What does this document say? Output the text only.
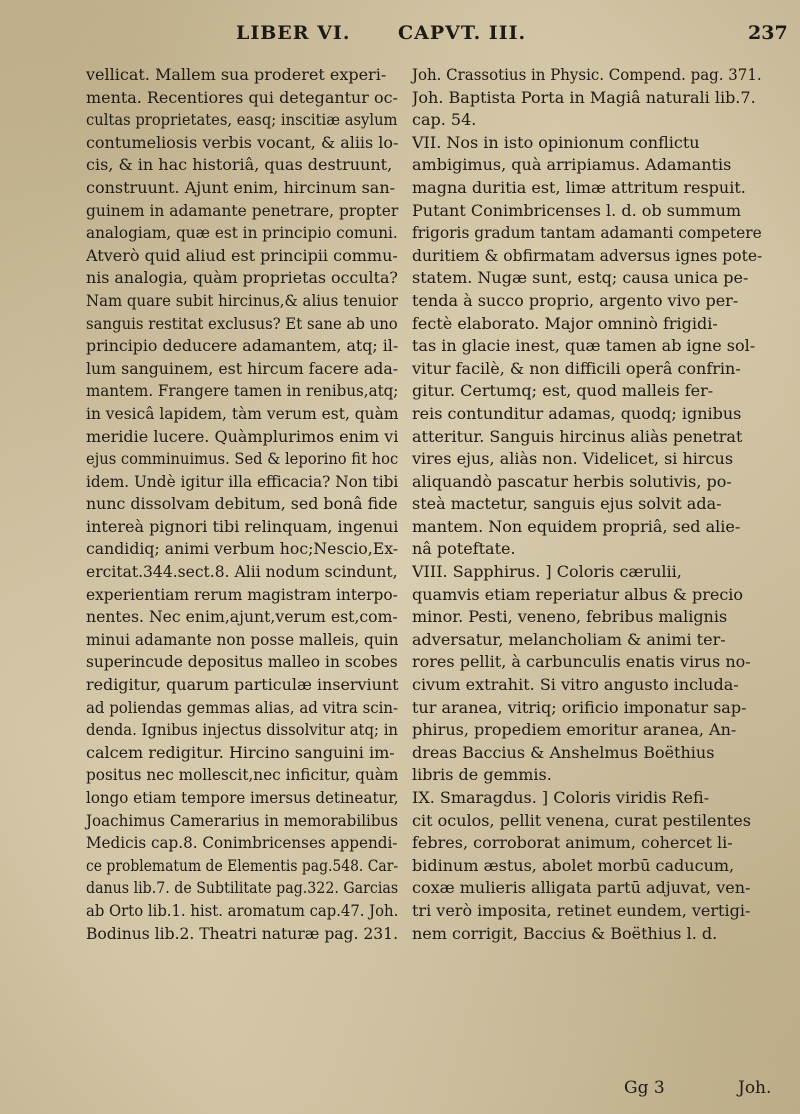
LIBER VI.	CAPVT. III.	237
vellicat. Mallem sua proderet experi-
menta. Recentiores qui detegantur oc-
cultas proprietates, easq; inscitiæ asylum
contumeliosis verbis vocant, & aliis lo-
cis, & in hac historiâ, quas destruunt,
construunt. Ajunt enim, hircinum san-
guinem in adamante penetrare, propter
analogiam, quæ est in principio comuni.
Atverò quid aliud est principii commu-
nis analogia, quàm proprietas occulta?
Nam quare subit hircinus,& alius tenuior
sanguis restitat exclusus? Et sane ab uno
principio deducere adamantem, atq; il-
lum sanguinem, est hircum facere ada-
mantem. Frangere tamen in renibus,atq;
in vesicâ lapidem, tàm verum est, quàm
meridie lucere. Quàmplurimos enim vi
ejus comminuimus. Sed & leporino fit hoc
idem. Undè igitur illa efficacia? Non tibi
nunc dissolvam debitum, sed bonâ fide
intereà pignori tibi relinquam, ingenui
candidiq; animi verbum hoc;Nescio,Ex-
ercitat.344.sect.8. Alii nodum scindunt,
experientiam rerum magistram interpo-
nentes. Nec enim,ajunt,verum est,com-
minui adamante non posse malleis, quin
superincude depositus malleo in scobes
redigitur, quarum particulæ inserviunt
ad poliendas gemmas alias, ad vitra scin-
denda. Ignibus injectus dissolvitur atq; in
calcem redigitur. Hircino sanguini im-
positus nec mollescit,nec inficitur, quàm
longo etiam tempore imersus detineatur,
Joachimus Camerarius in memorabilibus
Medicis cap.8. Conimbricenses appendi-
ce problematum de Elementis pag.548. Car-
danus lib.7. de Subtilitate pag.322. Garcias
ab Orto lib.1. hist. aromatum cap.47. Joh.
Bodinus lib.2. Theatri naturæ pag. 231.
Joh. Crassotius in Physic. Compend. pag. 371.
Joh. Baptista Porta in Magiâ naturali lib.7.
cap. 54.
VII. Nos in isto opinionum conflictu
ambigimus, quà arripiamus. Adamantis
magna duritia est, limæ attritum respuit.
Putant Conimbricenses l. d. ob summum
frigoris gradum tantam adamanti competere
duritiem & obfirmatam adversus ignes pote-
statem. Nugæ sunt, estq; causa unica pe-
tenda à succo proprio, argento vivo per-
fectè elaborato. Major omninò frigidi-
tas in glacie inest, quæ tamen ab igne sol-
vitur facilè, & non difficili operâ confrin-
gitur. Certumq; est, quod malleis fer-
reis contunditur adamas, quodq; ignibus
atteritur. Sanguis hircinus aliàs penetrat
vires ejus, aliàs non. Videlicet, si hircus
aliquandò pascatur herbis solutivis, po-
steà mactetur, sanguis ejus solvit ada-
mantem. Non equidem propriâ, sed alie-
nâ poteftate.
VIII. Sapphirus. ] Coloris cærulii,
quamvis etiam reperiatur albus & precio
minor. Pesti, veneno, febribus malignis
adversatur, melancholiam & animi ter-
rores pellit, à carbunculis enatis virus no-
civum extrahit. Si vitro angusto includa-
tur aranea, vitriq; orificio imponatur sap-
phirus, propediem emoritur aranea, An-
dreas Baccius & Anshelmus Boëthius
libris de gemmis.
IX. Smaragdus. ] Coloris viridis Refi-
cit oculos, pellit venena, curat pestilentes
febres, corroborat animum, cohercet li-
bidinum æstus, abolet morbū caducum,
coxæ mulieris alligata partū adjuvat, ven-
tri verò imposita, retinet eundem, vertigi-
nem corrigit, Baccius & Boëthius l. d.
Gg 3	Joh.
